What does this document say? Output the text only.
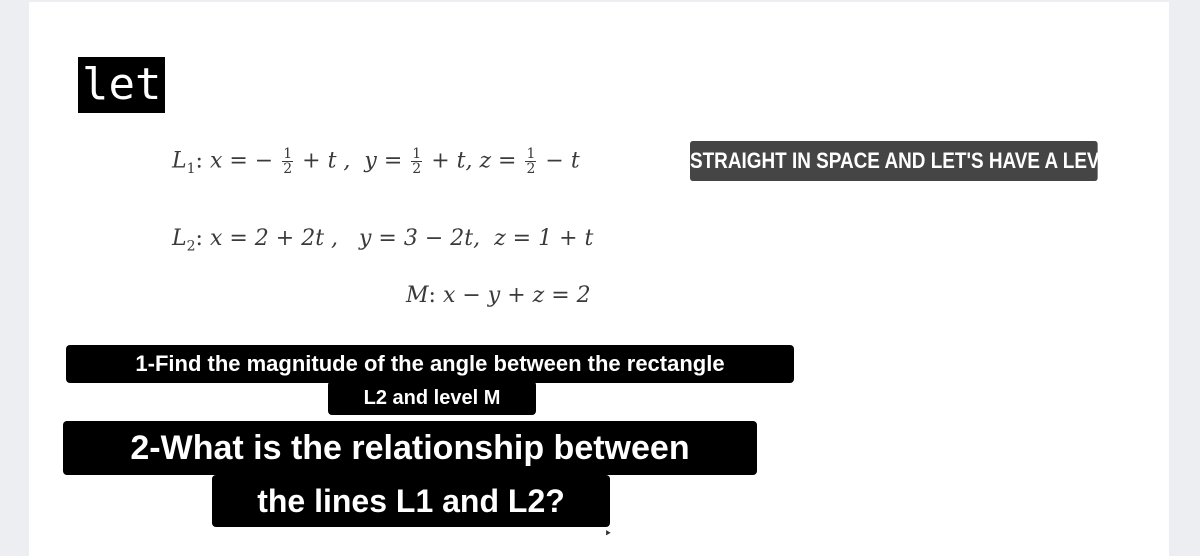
let
$L_1$: x = − $\frac{1}{2} + t$ , $y = \frac{1}{2} + t$, $z = \frac{1}{2} - t$	STRAIGHT IN SPACE AND LET'S HAVE A LEVEL
$L_2$: x = 2 + 2t ,   y = 3 − 2t,  z = 1 + t
M: x − y + z = 2
1-Find the magnitude of the angle between the rectangle
L2 and level M
2-What is the relationship between
the lines L1 and L2?
‣
